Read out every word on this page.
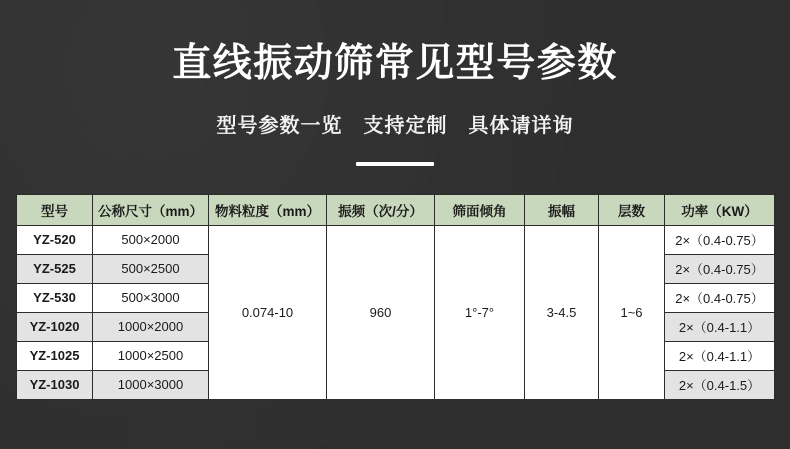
直线振动筛常见型号参数
型号参数一览　支持定制　具体请详询
型号	公称尺寸（mm）	物料粒度（mm）	振频（次/分）	筛面倾角	振幅	层数	功率（KW）
YZ-520	500×2000	0.074-10	960	1°-7°	3-4.5	1~6	2×（0.4-0.75）
YZ-525	500×2500						2×（0.4-0.75）
YZ-530	500×3000						2×（0.4-0.75）
YZ-1020	1000×2000						2×（0.4-1.1）
YZ-1025	1000×2500						2×（0.4-1.1）
YZ-1030	1000×3000						2×（0.4-1.5）
